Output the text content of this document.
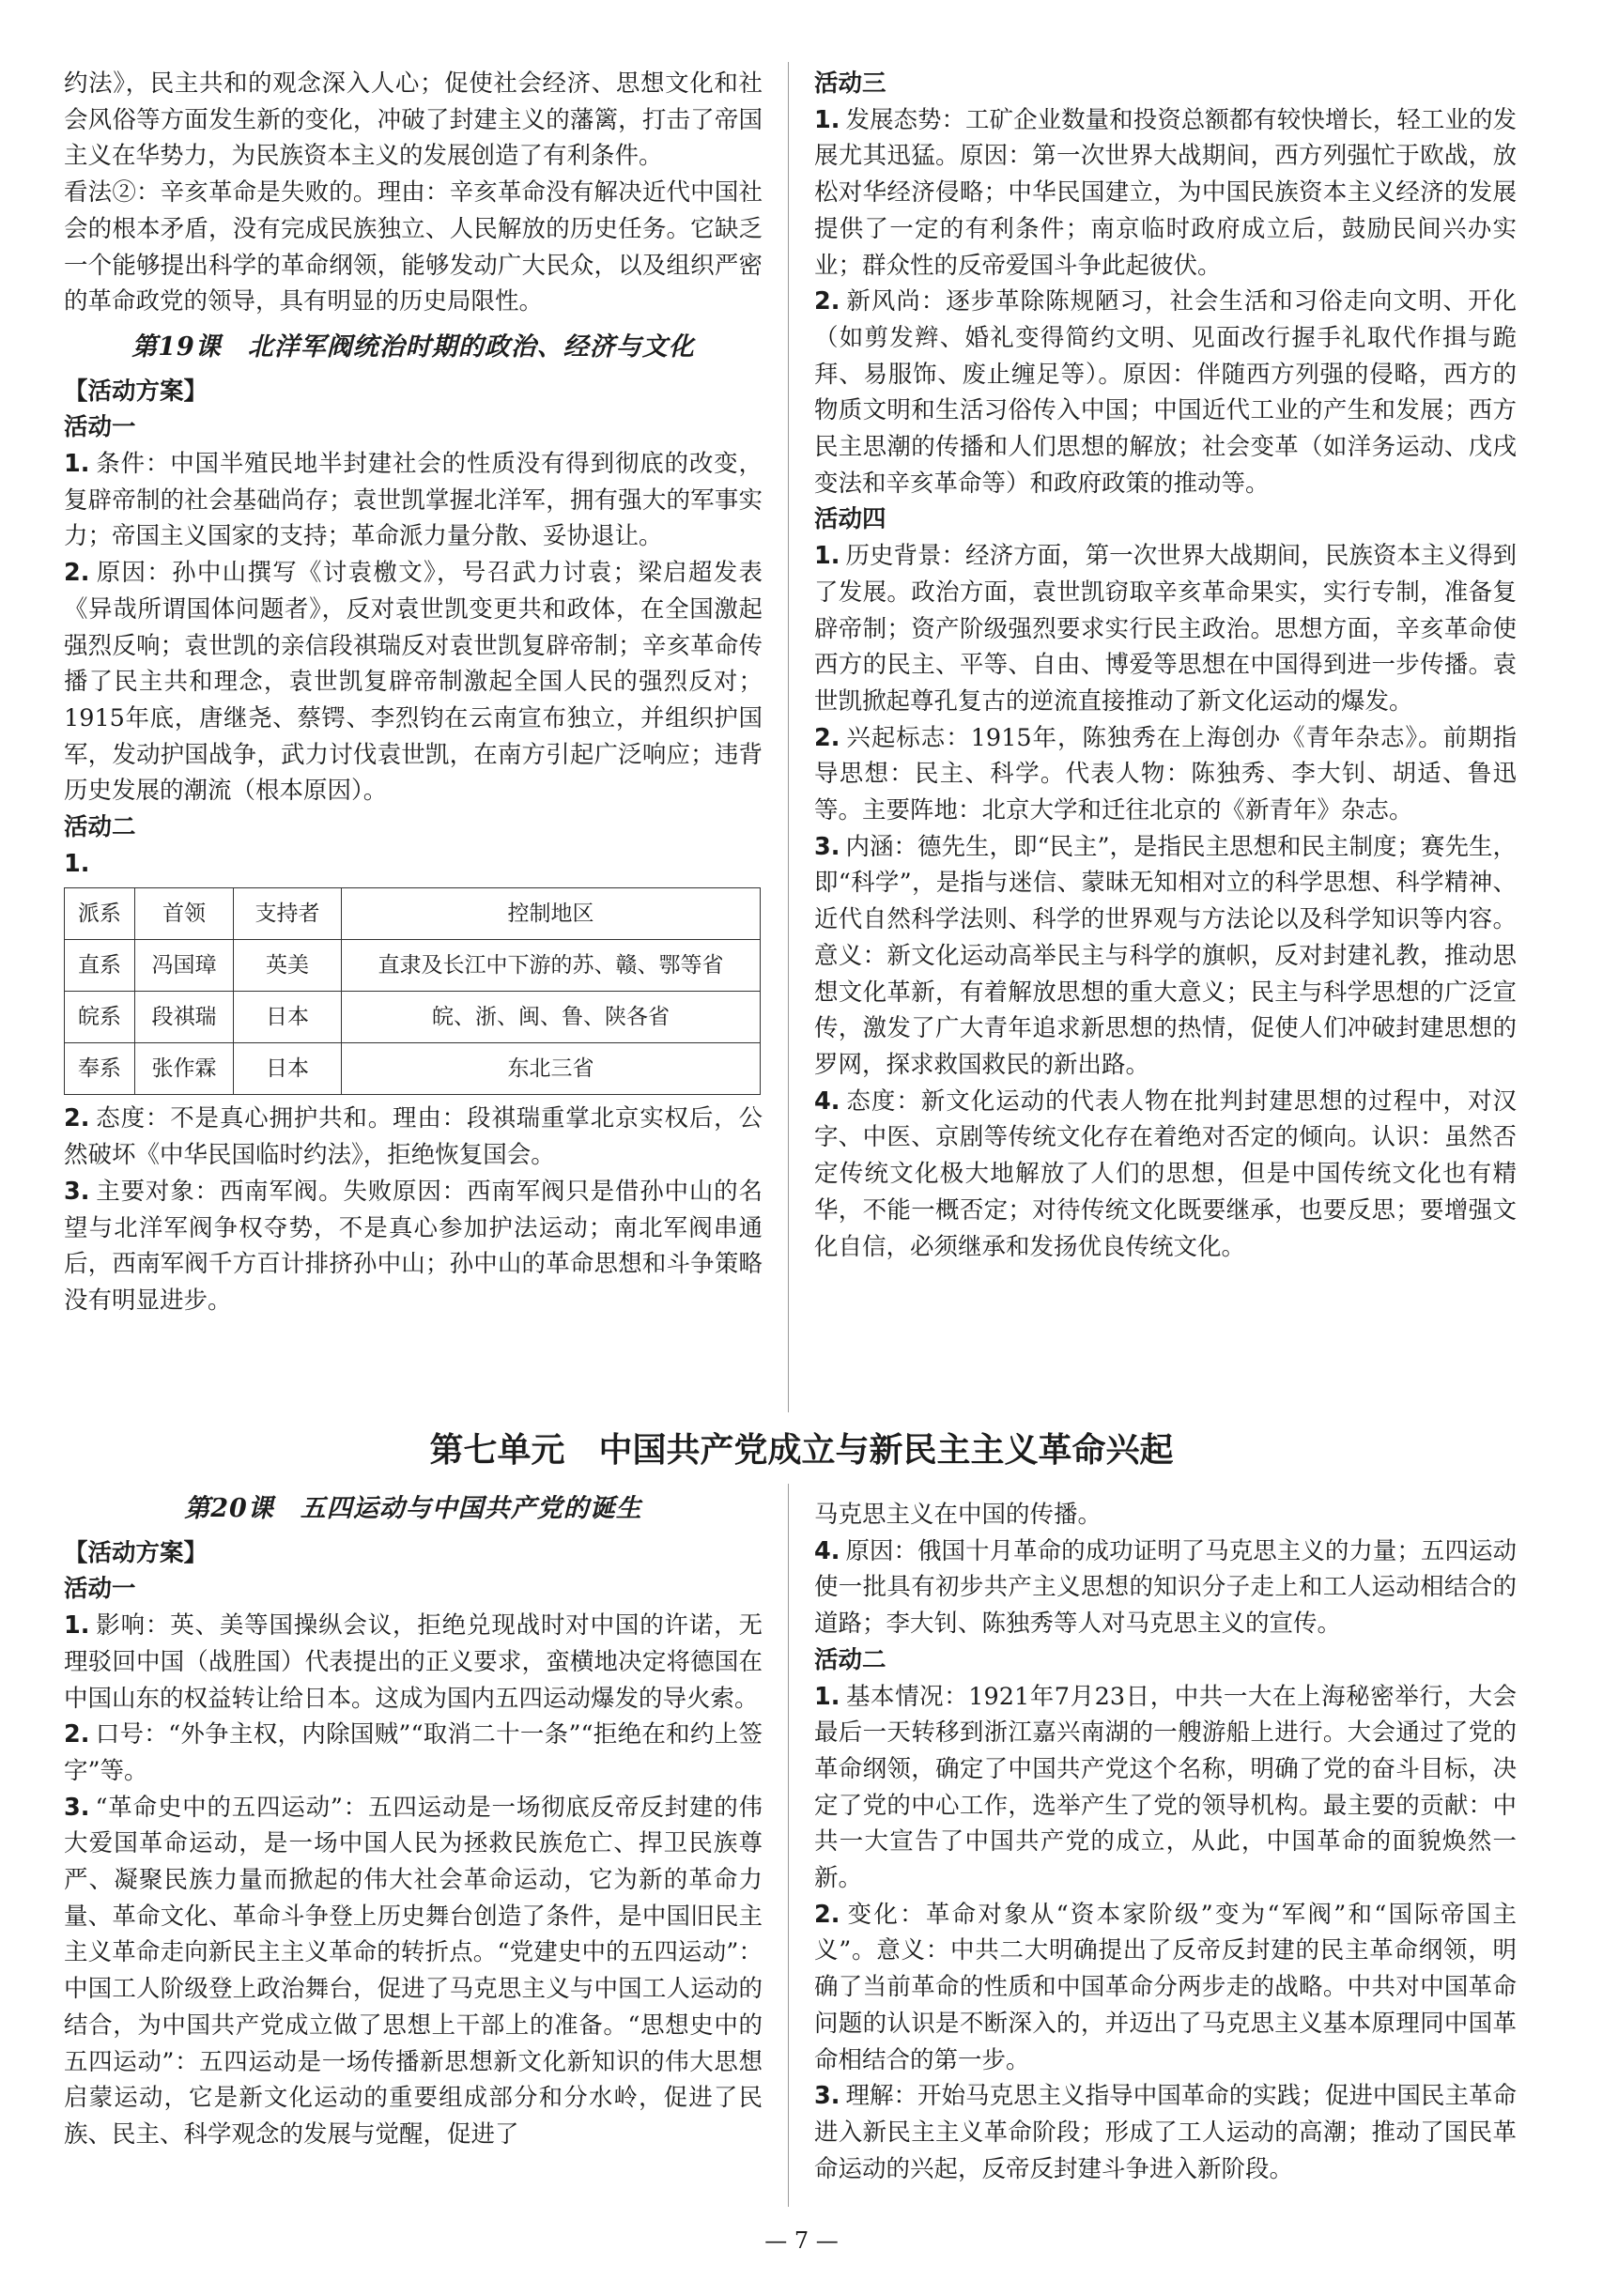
约法》，民主共和的观念深入人心；促使社会经济、思想文化和社会风俗等方面发生新的变化，冲破了封建主义的藩篱，打击了帝国主义在华势力，为民族资本主义的发展创造了有利条件。

看法②：辛亥革命是失败的。理由：辛亥革命没有解决近代中国社会的根本矛盾，没有完成民族独立、人民解放的历史任务。它缺乏一个能够提出科学的革命纲领，能够发动广大民众，以及组织严密的革命政党的领导，具有明显的历史局限性。

第19课　北洋军阀统治时期的政治、经济与文化

【活动方案】

活动一

1. 条件：中国半殖民地半封建社会的性质没有得到彻底的改变，复辟帝制的社会基础尚存；袁世凯掌握北洋军，拥有强大的军事实力；帝国主义国家的支持；革命派力量分散、妥协退让。

2. 原因：孙中山撰写《讨袁檄文》，号召武力讨袁；梁启超发表《异哉所谓国体问题者》，反对袁世凯变更共和政体，在全国激起强烈反响；袁世凯的亲信段祺瑞反对袁世凯复辟帝制；辛亥革命传播了民主共和理念，袁世凯复辟帝制激起全国人民的强烈反对；1915年底，唐继尧、蔡锷、李烈钧在云南宣布独立，并组织护国军，发动护国战争，武力讨伐袁世凯，在南方引起广泛响应；违背历史发展的潮流（根本原因）。

活动二

1.

派系	首领	支持者	控制地区
直系	冯国璋	英美	直隶及长江中下游的苏、赣、鄂等省
皖系	段祺瑞	日本	皖、浙、闽、鲁、陕各省
奉系	张作霖	日本	东北三省

2. 态度：不是真心拥护共和。理由：段祺瑞重掌北京实权后，公然破坏《中华民国临时约法》，拒绝恢复国会。

3. 主要对象：西南军阀。失败原因：西南军阀只是借孙中山的名望与北洋军阀争权夺势，不是真心参加护法运动；南北军阀串通后，西南军阀千方百计排挤孙中山；孙中山的革命思想和斗争策略没有明显进步。

活动三

1. 发展态势：工矿企业数量和投资总额都有较快增长，轻工业的发展尤其迅猛。原因：第一次世界大战期间，西方列强忙于欧战，放松对华经济侵略；中华民国建立，为中国民族资本主义经济的发展提供了一定的有利条件；南京临时政府成立后，鼓励民间兴办实业；群众性的反帝爱国斗争此起彼伏。

2. 新风尚：逐步革除陈规陋习，社会生活和习俗走向文明、开化（如剪发辫、婚礼变得简约文明、见面改行握手礼取代作揖与跪拜、易服饰、废止缠足等）。原因：伴随西方列强的侵略，西方的物质文明和生活习俗传入中国；中国近代工业的产生和发展；西方民主思潮的传播和人们思想的解放；社会变革（如洋务运动、戊戌变法和辛亥革命等）和政府政策的推动等。

活动四

1. 历史背景：经济方面，第一次世界大战期间，民族资本主义得到了发展。政治方面，袁世凯窃取辛亥革命果实，实行专制，准备复辟帝制；资产阶级强烈要求实行民主政治。思想方面，辛亥革命使西方的民主、平等、自由、博爱等思想在中国得到进一步传播。袁世凯掀起尊孔复古的逆流直接推动了新文化运动的爆发。

2. 兴起标志：1915年，陈独秀在上海创办《青年杂志》。前期指导思想：民主、科学。代表人物：陈独秀、李大钊、胡适、鲁迅等。主要阵地：北京大学和迁往北京的《新青年》杂志。

3. 内涵：德先生，即“民主”，是指民主思想和民主制度；赛先生，即“科学”，是指与迷信、蒙昧无知相对立的科学思想、科学精神、近代自然科学法则、科学的世界观与方法论以及科学知识等内容。意义：新文化运动高举民主与科学的旗帜，反对封建礼教，推动思想文化革新，有着解放思想的重大意义；民主与科学思想的广泛宣传，激发了广大青年追求新思想的热情，促使人们冲破封建思想的罗网，探求救国救民的新出路。

4. 态度：新文化运动的代表人物在批判封建思想的过程中，对汉字、中医、京剧等传统文化存在着绝对否定的倾向。认识：虽然否定传统文化极大地解放了人们的思想，但是中国传统文化也有精华，不能一概否定；对待传统文化既要继承，也要反思；要增强文化自信，必须继承和发扬优良传统文化。

第七单元　中国共产党成立与新民主主义革命兴起
第20课　五四运动与中国共产党的诞生

【活动方案】

活动一

1. 影响：英、美等国操纵会议，拒绝兑现战时对中国的许诺，无理驳回中国（战胜国）代表提出的正义要求，蛮横地决定将德国在中国山东的权益转让给日本。这成为国内五四运动爆发的导火索。

2. 口号：“外争主权，内除国贼”“取消二十一条”“拒绝在和约上签字”等。

3. “革命史中的五四运动”：五四运动是一场彻底反帝反封建的伟大爱国革命运动，是一场中国人民为拯救民族危亡、捍卫民族尊严、凝聚民族力量而掀起的伟大社会革命运动，它为新的革命力量、革命文化、革命斗争登上历史舞台创造了条件，是中国旧民主主义革命走向新民主主义革命的转折点。“党建史中的五四运动”：中国工人阶级登上政治舞台，促进了马克思主义与中国工人运动的结合，为中国共产党成立做了思想上干部上的准备。“思想史中的五四运动”：五四运动是一场传播新思想新文化新知识的伟大思想启蒙运动，它是新文化运动的重要组成部分和分水岭，促进了民族、民主、科学观念的发展与觉醒，促进了

马克思主义在中国的传播。

4. 原因：俄国十月革命的成功证明了马克思主义的力量；五四运动使一批具有初步共产主义思想的知识分子走上和工人运动相结合的道路；李大钊、陈独秀等人对马克思主义的宣传。

活动二

1. 基本情况：1921年7月23日，中共一大在上海秘密举行，大会最后一天转移到浙江嘉兴南湖的一艘游船上进行。大会通过了党的革命纲领，确定了中国共产党这个名称，明确了党的奋斗目标，决定了党的中心工作，选举产生了党的领导机构。最主要的贡献：中共一大宣告了中国共产党的成立，从此，中国革命的面貌焕然一新。

2. 变化：革命对象从“资本家阶级”变为“军阀”和“国际帝国主义”。意义：中共二大明确提出了反帝反封建的民主革命纲领，明确了当前革命的性质和中国革命分两步走的战略。中共对中国革命问题的认识是不断深入的，并迈出了马克思主义基本原理同中国革命相结合的第一步。

3. 理解：开始马克思主义指导中国革命的实践；促进中国民主革命进入新民主主义革命阶段；形成了工人运动的高潮；推动了国民革命运动的兴起，反帝反封建斗争进入新阶段。

— 7 —
